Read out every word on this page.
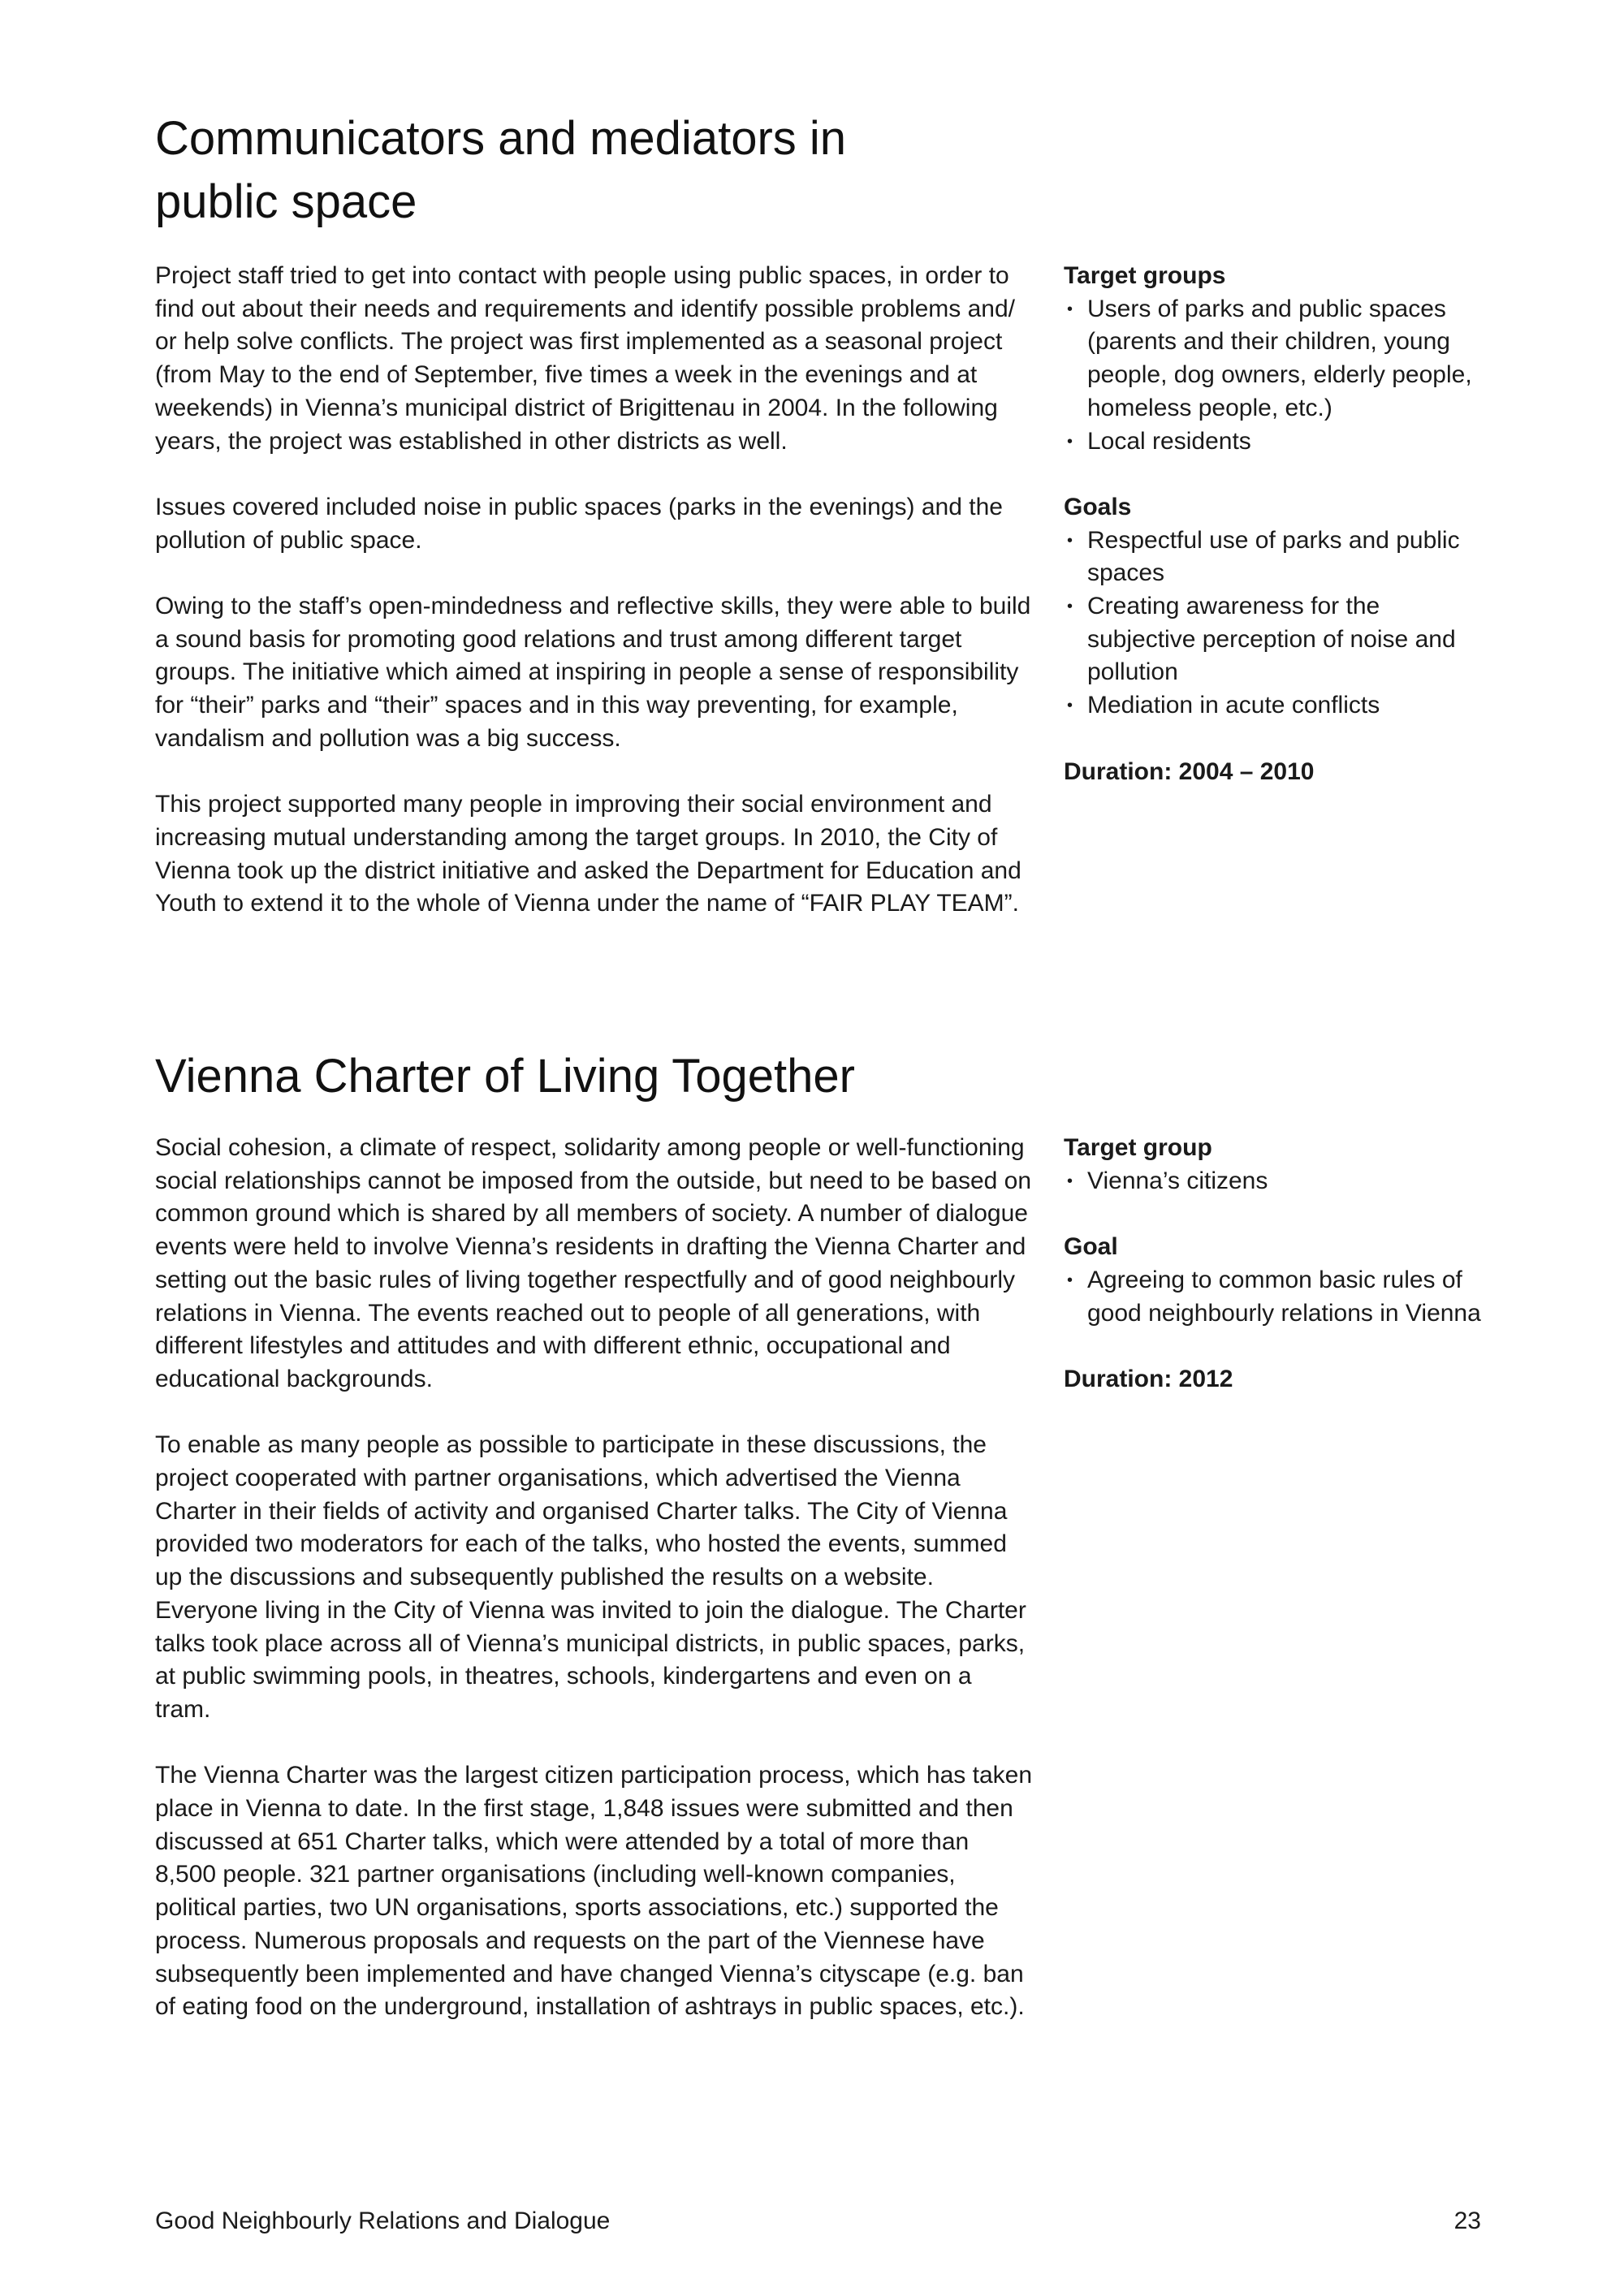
Communicators and mediators in public space

Project staff tried to get into contact with people using public spaces, in order to find out about their needs and requirements and identify possible problems and/ or help solve conflicts. The project was first implemented as a seasonal project (from May to the end of September, five times a week in the evenings and at weekends) in Vienna’s municipal district of Brigittenau in 2004. In the following years, the project was established in other districts as well.

Issues covered included noise in public spaces (parks in the evenings) and the pollution of public space.

Owing to the staff’s open-mindedness and reflective skills, they were able to build a sound basis for promoting good relations and trust among different target groups. The initiative which aimed at inspiring in people a sense of responsibility for “their” parks and “their” spaces and in this way preventing, for example, vandalism and pollution was a big success.

This project supported many people in improving their social environment and increasing mutual understanding among the target groups. In 2010, the City of Vienna took up the district initiative and asked the Department for Education and Youth to extend it to the whole of Vienna under the name of “FAIR PLAY TEAM”.

Target groups

• Users of parks and public spaces (parents and their children, young people, dog owners, elderly people, homeless people, etc.)
• Local residents

Goals

• Respectful use of parks and public spaces
• Creating awareness for the subjective perception of noise and pollution
• Mediation in acute conflicts

Duration: 2004 – 2010

Vienna Charter of Living Together

Social cohesion, a climate of respect, solidarity among people or well-functioning social relationships cannot be imposed from the outside, but need to be based on common ground which is shared by all members of society. A number of dialogue events were held to involve Vienna’s residents in drafting the Vienna Charter and setting out the basic rules of living together respectfully and of good neighbourly relations in Vienna. The events reached out to people of all generations, with different lifestyles and attitudes and with different ethnic, occupational and educational backgrounds.

To enable as many people as possible to participate in these discussions, the project cooperated with partner organisations, which advertised the Vienna Charter in their fields of activity and organised Charter talks. The City of Vienna provided two moderators for each of the talks, who hosted the events, summed up the discussions and subsequently published the results on a website. Everyone living in the City of Vienna was invited to join the dialogue. The Charter talks took place across all of Vienna’s municipal districts, in public spaces, parks, at public swimming pools, in theatres, schools, kindergartens and even on a tram.

The Vienna Charter was the largest citizen participation process, which has taken place in Vienna to date. In the first stage, 1,848 issues were submitted and then discussed at 651 Charter talks, which were attended by a total of more than 8,500 people. 321 partner organisations (including well-known companies, political parties, two UN organisations, sports associations, etc.) supported the process. Numerous proposals and requests on the part of the Viennese have subsequently been implemented and have changed Vienna’s cityscape (e.g. ban of eating food on the underground, installation of ashtrays in public spaces, etc.).

Target group

• Vienna’s citizens

Goal

• Agreeing to common basic rules of good neighbourly relations in Vienna

Duration: 2012

Good Neighbourly Relations and Dialogue	23
